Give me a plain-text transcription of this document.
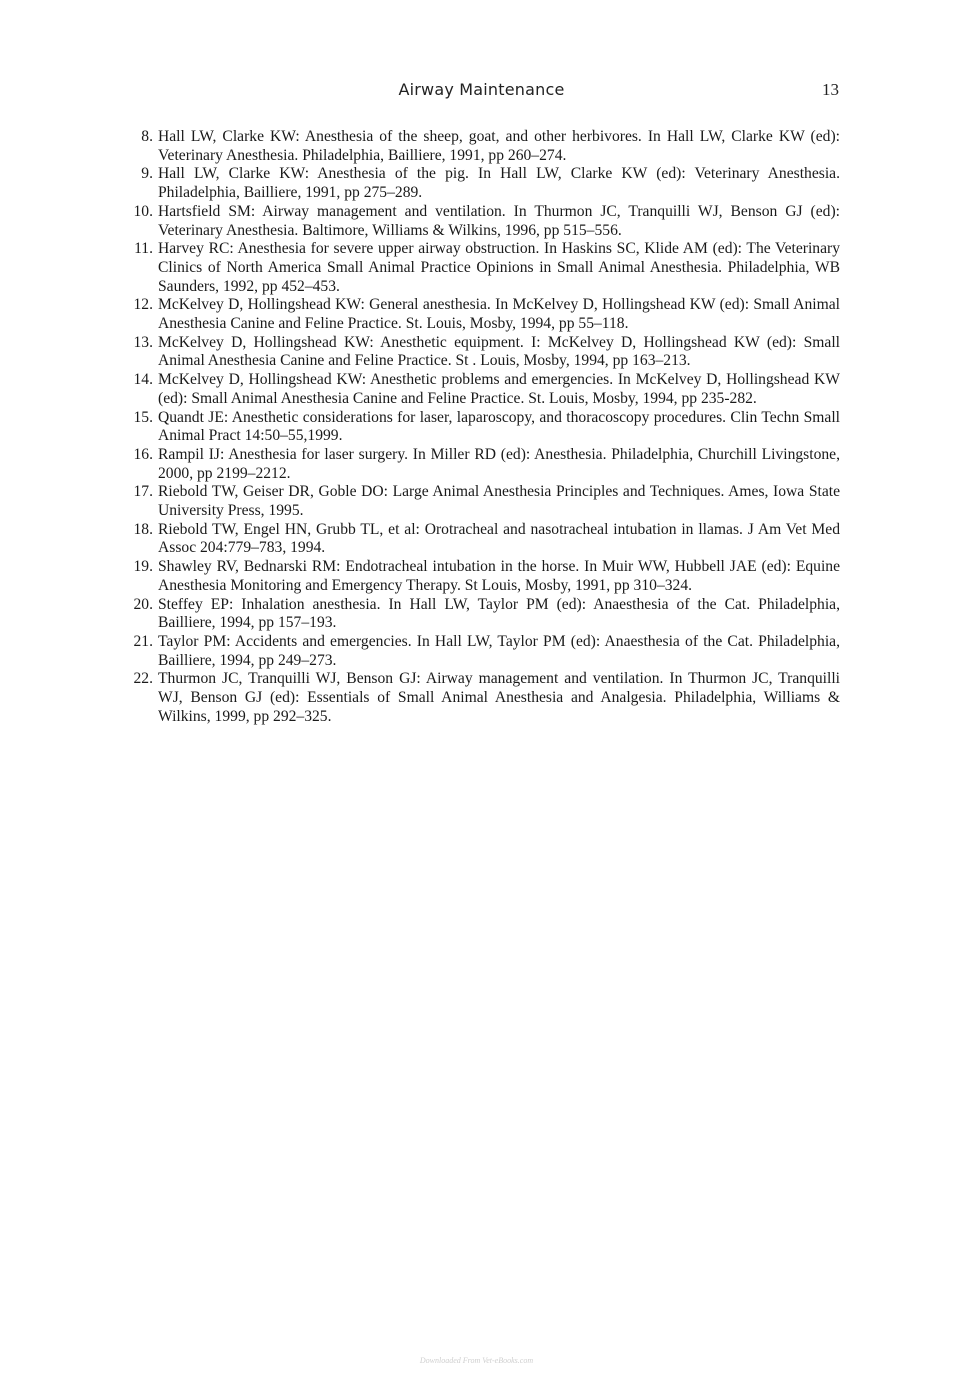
Airway Maintenance	13
8. Hall LW, Clarke KW: Anesthesia of the sheep, goat, and other herbivores. In Hall LW, Clarke KW (ed): Veterinary Anesthesia. Philadelphia, Bailliere, 1991, pp 260–274.
9. Hall LW, Clarke KW: Anesthesia of the pig. In Hall LW, Clarke KW (ed): Veterinary Anesthesia. Philadelphia, Bailliere, 1991, pp 275–289.
10. Hartsfield SM: Airway management and ventilation. In Thurmon JC, Tranquilli WJ, Benson GJ (ed): Veterinary Anesthesia. Baltimore, Williams & Wilkins, 1996, pp 515–556.
11. Harvey RC: Anesthesia for severe upper airway obstruction. In Haskins SC, Klide AM (ed): The Veterinary Clinics of North America Small Animal Practice Opinions in Small Animal Anesthesia. Philadelphia, WB Saunders, 1992, pp 452–453.
12. McKelvey D, Hollingshead KW: General anesthesia. In McKelvey D, Hollingshead KW (ed): Small Animal Anesthesia Canine and Feline Practice. St. Louis, Mosby, 1994, pp 55–118.
13. McKelvey D, Hollingshead KW: Anesthetic equipment. I: McKelvey D, Hollingshead KW (ed): Small Animal Anesthesia Canine and Feline Practice. St . Louis, Mosby, 1994, pp 163–213.
14. McKelvey D, Hollingshead KW: Anesthetic problems and emergencies. In McKelvey D, Hollingshead KW (ed): Small Animal Anesthesia Canine and Feline Practice. St. Louis, Mosby, 1994, pp 235-282.
15. Quandt JE: Anesthetic considerations for laser, laparoscopy, and thoracoscopy procedures. Clin Techn Small Animal Pract 14:50–55,1999.
16. Rampil IJ: Anesthesia for laser surgery. In Miller RD (ed): Anesthesia. Philadelphia, Churchill Livingstone, 2000, pp 2199–2212.
17. Riebold TW, Geiser DR, Goble DO: Large Animal Anesthesia Principles and Techniques. Ames, Iowa State University Press, 1995.
18. Riebold TW, Engel HN, Grubb TL, et al: Orotracheal and nasotracheal intubation in llamas. J Am Vet Med Assoc 204:779–783, 1994.
19. Shawley RV, Bednarski RM: Endotracheal intubation in the horse. In Muir WW, Hubbell JAE (ed): Equine Anesthesia Monitoring and Emergency Therapy. St Louis, Mosby, 1991, pp 310–324.
20. Steffey EP: Inhalation anesthesia. In Hall LW, Taylor PM (ed): Anaesthesia of the Cat. Philadelphia, Bailliere, 1994, pp 157–193.
21. Taylor PM: Accidents and emergencies. In Hall LW, Taylor PM (ed): Anaesthesia of the Cat. Philadelphia, Bailliere, 1994, pp 249–273.
22. Thurmon JC, Tranquilli WJ, Benson GJ: Airway management and ventilation. In Thurmon JC, Tranquilli WJ, Benson GJ (ed): Essentials of Small Animal Anesthesia and Analgesia. Philadelphia, Williams & Wilkins, 1999, pp 292–325.
Downloaded From Vet-eBooks.com
